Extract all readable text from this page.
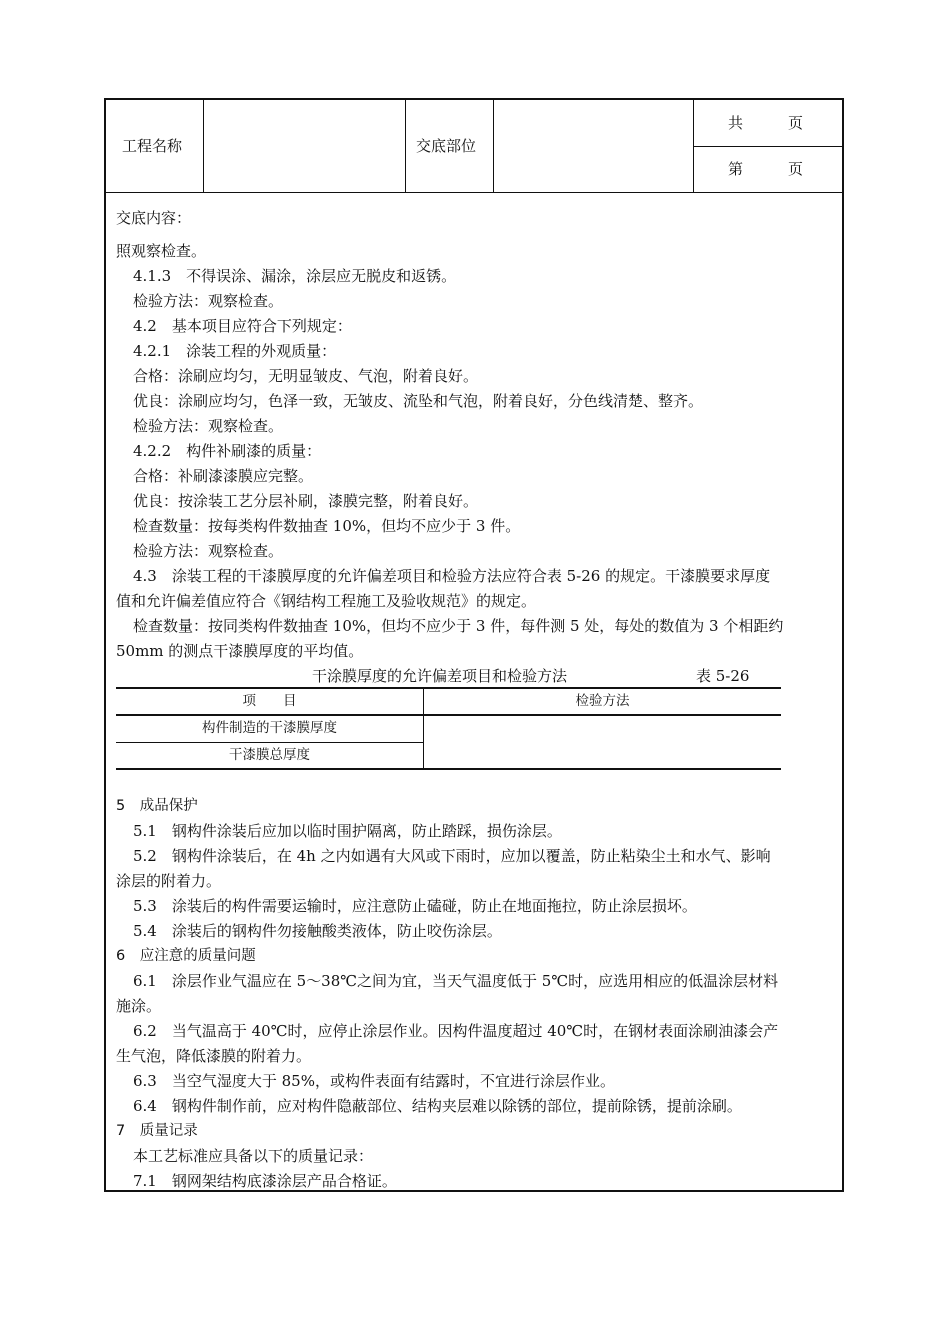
工程名称	交底部位
共　　　页
第　　　页
交底内容：
照观察检查。
4.1.3　不得误涂、漏涂，涂层应无脱皮和返锈。
检验方法：观察检查。
4.2　基本项目应符合下列规定：
4.2.1　涂装工程的外观质量：
合格：涂刷应均匀，无明显皱皮、气泡，附着良好。
优良：涂刷应均匀，色泽一致，无皱皮、流坠和气泡，附着良好，分色线清楚、整齐。
检验方法：观察检查。
4.2.2　构件补刷漆的质量：
合格：补刷漆漆膜应完整。
优良：按涂装工艺分层补刷，漆膜完整，附着良好。
检查数量：按每类构件数抽查 10%，但均不应少于 3 件。
检验方法：观察检查。
4.3　涂装工程的干漆膜厚度的允许偏差项目和检验方法应符合表 5-26 的规定。干漆膜要求厚度
值和允许偏差值应符合《钢结构工程施工及验收规范》的规定。
检查数量：按同类构件数抽查 10%，但均不应少于 3 件，每件测 5 处，每处的数值为 3 个相距约
50mm 的测点干漆膜厚度的平均值。
干涂膜厚度的允许偏差项目和检验方法	表 5-26
项　　目	检验方法
构件制造的干漆膜厚度
干漆膜总厚度
5　成品保护
5.1　钢构件涂装后应加以临时围护隔离，防止踏踩，损伤涂层。
5.2　钢构件涂装后，在 4h 之内如遇有大风或下雨时，应加以覆盖，防止粘染尘土和水气、影响
涂层的附着力。
5.3　涂装后的构件需要运输时，应注意防止磕碰，防止在地面拖拉，防止涂层损坏。
5.4　涂装后的钢构件勿接触酸类液体，防止咬伤涂层。
6　应注意的质量问题
6.1　涂层作业气温应在 5～38℃之间为宜，当天气温度低于 5℃时，应选用相应的低温涂层材料
施涂。
6.2　当气温高于 40℃时，应停止涂层作业。因构件温度超过 40℃时，在钢材表面涂刷油漆会产
生气泡，降低漆膜的附着力。
6.3　当空气湿度大于 85%，或构件表面有结露时，不宜进行涂层作业。
6.4　钢构件制作前，应对构件隐蔽部位、结构夹层难以除锈的部位，提前除锈，提前涂刷。
7　质量记录
本工艺标准应具备以下的质量记录：
7.1　钢网架结构底漆涂层产品合格证。
